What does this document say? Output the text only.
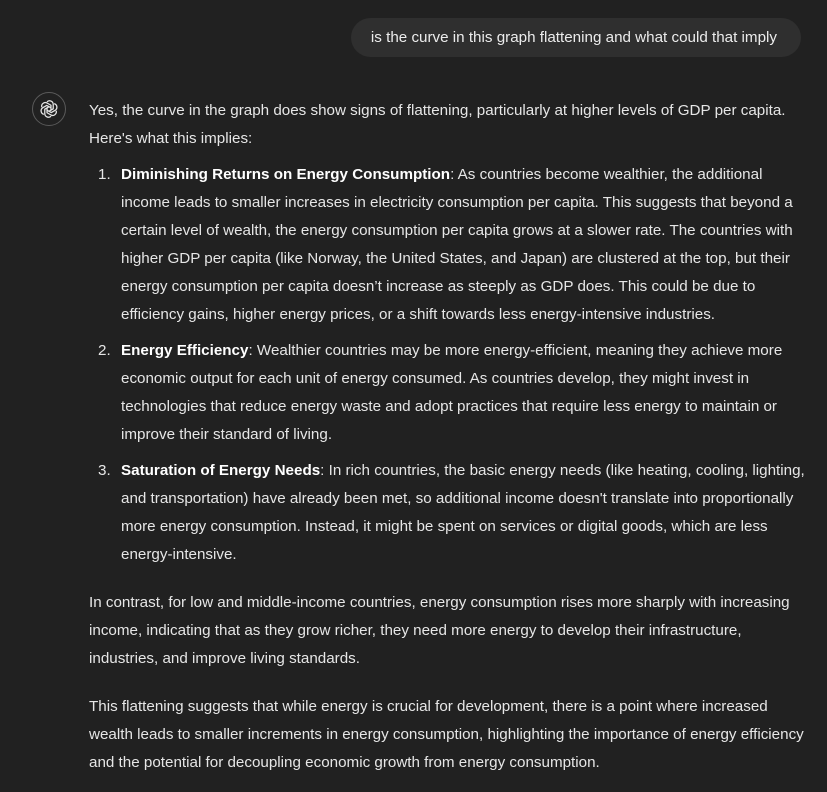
is the curve in this graph flattening and what could that imply

Yes, the curve in the graph does show signs of flattening, particularly at higher levels of GDP per capita. Here's what this implies:

Diminishing Returns on Energy Consumption: As countries become wealthier, the additional income leads to smaller increases in electricity consumption per capita. This suggests that beyond a certain level of wealth, the energy consumption per capita grows at a slower rate. The countries with higher GDP per capita (like Norway, the United States, and Japan) are clustered at the top, but their energy consumption per capita doesn’t increase as steeply as GDP does. This could be due to efficiency gains, higher energy prices, or a shift towards less energy-intensive industries.
Energy Efficiency: Wealthier countries may be more energy-efficient, meaning they achieve more economic output for each unit of energy consumed. As countries develop, they might invest in technologies that reduce energy waste and adopt practices that require less energy to maintain or improve their standard of living.
Saturation of Energy Needs: In rich countries, the basic energy needs (like heating, cooling, lighting, and transportation) have already been met, so additional income doesn't translate into proportionally more energy consumption. Instead, it might be spent on services or digital goods, which are less energy-intensive.

In contrast, for low and middle-income countries, energy consumption rises more sharply with increasing income, indicating that as they grow richer, they need more energy to develop their infrastructure, industries, and improve living standards.

This flattening suggests that while energy is crucial for development, there is a point where increased wealth leads to smaller increments in energy consumption, highlighting the importance of energy efficiency and the potential for decoupling economic growth from energy consumption.
